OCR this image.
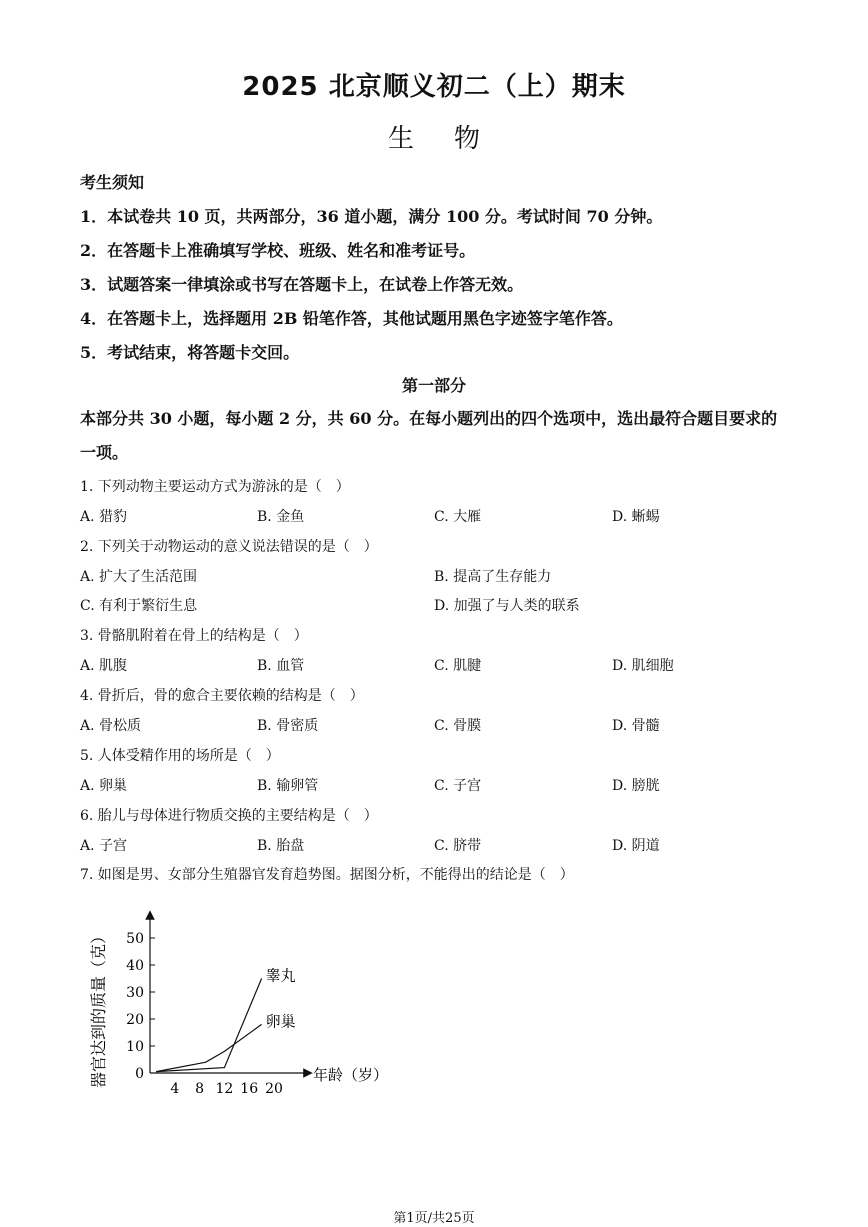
2025 北京顺义初二（上）期末
生物
考生须知
1．本试卷共 10 页，共两部分，36 道小题，满分 100 分。考试时间 70 分钟。
2．在答题卡上准确填写学校、班级、姓名和准考证号。
3．试题答案一律填涂或书写在答题卡上，在试卷上作答无效。
4．在答题卡上，选择题用 2B 铅笔作答，其他试题用黑色字迹签字笔作答。
5．考试结束，将答题卡交回。
第一部分
本部分共 30 小题，每小题 2 分，共 60 分。在每小题列出的四个选项中，选出最符合题目要求的一项。
1. 下列动物主要运动方式为游泳的是（　）
A. 猎豹	B. 金鱼	C. 大雁	D. 蜥蜴
2. 下列关于动物运动的意义说法错误的是（　）
A. 扩大了生活范围	B. 提高了生存能力
C. 有利于繁衍生息	D. 加强了与人类的联系
3. 骨骼肌附着在骨上的结构是（　）
A. 肌腹	B. 血管	C. 肌腱	D. 肌细胞
4. 骨折后，骨的愈合主要依赖的结构是（　）
A. 骨松质	B. 骨密质	C. 骨膜	D. 骨髓
5. 人体受精作用的场所是（　）
A. 卵巢	B. 输卵管	C. 子宫	D. 膀胱
6. 胎儿与母体进行物质交换的主要结构是（　）
A. 子宫	B. 胎盘	C. 脐带	D. 阴道
7. 如图是男、女部分生殖器官发育趋势图。据图分析，不能得出的结论是（　）
器官达到的质量（克）	年龄（岁）
0
10
20
30
40
50
4 8 12 16 20
睾丸
卵巢
第1页/共25页
